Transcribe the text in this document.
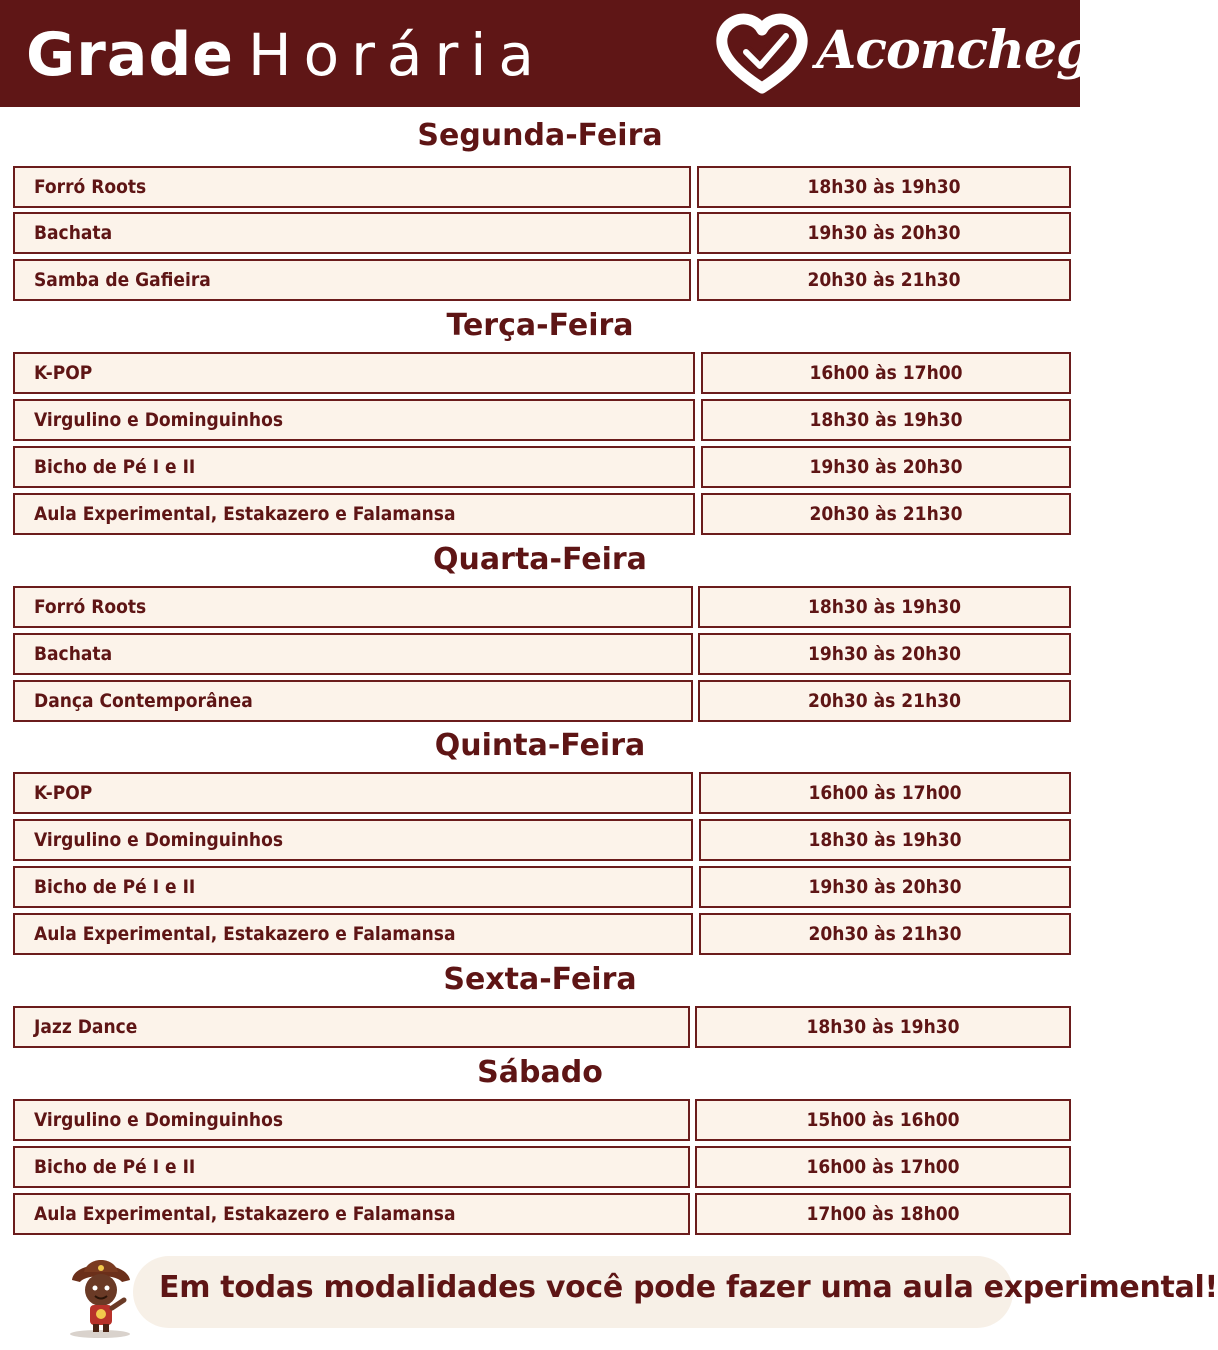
Grade Horária	Aconchego
Segunda-Feira
Forró Roots	18h30 às 19h30
Bachata	19h30 às 20h30
Samba de Gafieira	20h30 às 21h30
Terça-Feira
K-POP	16h00 às 17h00
Virgulino e Dominguinhos	18h30 às 19h30
Bicho de Pé I e II	19h30 às 20h30
Aula Experimental, Estakazero e Falamansa	20h30 às 21h30
Quarta-Feira
Forró Roots	18h30 às 19h30
Bachata	19h30 às 20h30
Dança Contemporânea	20h30 às 21h30
Quinta-Feira
K-POP	16h00 às 17h00
Virgulino e Dominguinhos	18h30 às 19h30
Bicho de Pé I e II	19h30 às 20h30
Aula Experimental, Estakazero e Falamansa	20h30 às 21h30
Sexta-Feira
Jazz Dance	18h30 às 19h30
Sábado
Virgulino e Dominguinhos	15h00 às 16h00
Bicho de Pé I e II	16h00 às 17h00
Aula Experimental, Estakazero e Falamansa	17h00 às 18h00
Em todas modalidades você pode fazer uma aula experimental!
